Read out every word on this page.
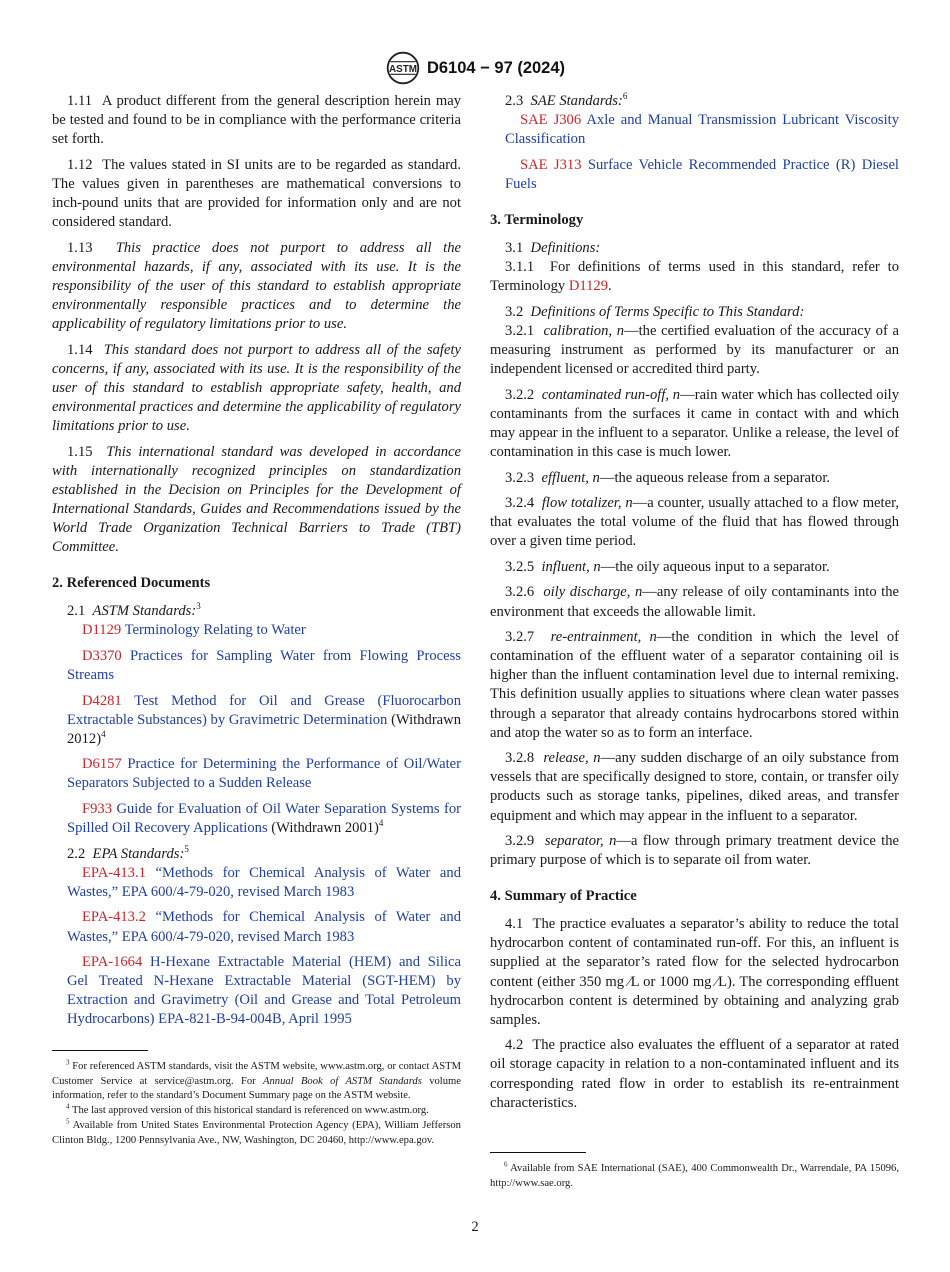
ASTM D6104 − 97 (2024)

1.11 A product different from the general description herein may be tested and found to be in compliance with the performance criteria set forth.

1.12 The values stated in SI units are to be regarded as standard. The values given in parentheses are mathematical conversions to inch-pound units that are provided for information only and are not considered standard.

1.13 This practice does not purport to address all the environmental hazards, if any, associated with its use. It is the responsibility of the user of this standard to establish appropriate environmentally responsible practices and to determine the applicability of regulatory limitations prior to use.

1.14 This standard does not purport to address all of the safety concerns, if any, associated with its use. It is the responsibility of the user of this standard to establish appropriate safety, health, and environmental practices and determine the applicability of regulatory limitations prior to use.

1.15 This international standard was developed in accordance with internationally recognized principles on standardization established in the Decision on Principles for the Development of International Standards, Guides and Recommendations issued by the World Trade Organization Technical Barriers to Trade (TBT) Committee.

2. Referenced Documents

2.1 ASTM Standards:$^3$

D1129 Terminology Relating to Water

D3370 Practices for Sampling Water from Flowing Process Streams

D4281 Test Method for Oil and Grease (Fluorocarbon Extractable Substances) by Gravimetric Determination (Withdrawn 2012)$^4$

D6157 Practice for Determining the Performance of Oil/Water Separators Subjected to a Sudden Release

F933 Guide for Evaluation of Oil Water Separation Systems for Spilled Oil Recovery Applications (Withdrawn 2001)$^4$

2.2 EPA Standards:$^5$

EPA-413.1 “Methods for Chemical Analysis of Water and Wastes,” EPA 600/4-79-020, revised March 1983

EPA-413.2 “Methods for Chemical Analysis of Water and Wastes,” EPA 600/4-79-020, revised March 1983

EPA-1664 H-Hexane Extractable Material (HEM) and Silica Gel Treated N-Hexane Extractable Material (SGT-HEM) by Extraction and Gravimetry (Oil and Grease and Total Petroleum Hydrocarbons) EPA-821-B-94-004B, April 1995

$^3$ For referenced ASTM standards, visit the ASTM website, www.astm.org, or contact ASTM Customer Service at service@astm.org. For Annual Book of ASTM Standards volume information, refer to the standard’s Document Summary page on the ASTM website.

$^4$ The last approved version of this historical standard is referenced on www.astm.org.

$^5$ Available from United States Environmental Protection Agency (EPA), William Jefferson Clinton Bldg., 1200 Pennsylvania Ave., NW, Washington, DC 20460, http://www.epa.gov.

2.3 SAE Standards:$^6$

SAE J306 Axle and Manual Transmission Lubricant Viscosity Classification

SAE J313 Surface Vehicle Recommended Practice (R) Diesel Fuels

3. Terminology

3.1 Definitions:

3.1.1 For definitions of terms used in this standard, refer to Terminology D1129.

3.2 Definitions of Terms Specific to This Standard:

3.2.1 calibration, n—the certified evaluation of the accuracy of a measuring instrument as performed by its manufacturer or an independent licensed or accredited third party.

3.2.2 contaminated run-off, n—rain water which has collected oily contaminants from the surfaces it came in contact with and which may appear in the influent to a separator. Unlike a release, the level of contamination in this case is much lower.

3.2.3 effluent, n—the aqueous release from a separator.

3.2.4 flow totalizer, n—a counter, usually attached to a flow meter, that evaluates the total volume of the fluid that has flowed through over a given time period.

3.2.5 influent, n—the oily aqueous input to a separator.

3.2.6 oily discharge, n—any release of oily contaminants into the environment that exceeds the allowable limit.

3.2.7 re-entrainment, n—the condition in which the level of contamination of the effluent water of a separator containing oil is higher than the influent contamination level due to internal remixing. This definition usually applies to situations where clean water passes through a separator that already contains hydrocarbons stored within and atop the water so as to form an interface.

3.2.8 release, n—any sudden discharge of an oily substance from vessels that are specifically designed to store, contain, or transfer oily products such as storage tanks, pipelines, diked areas, and transfer equipment and which may appear in the influent to a separator.

3.2.9 separator, n—a flow through primary treatment device the primary purpose of which is to separate oil from water.

4. Summary of Practice

4.1 The practice evaluates a separator’s ability to reduce the total hydrocarbon content of contaminated run-off. For this, an influent is supplied at the separator’s rated flow for the selected hydrocarbon content (either 350 mg ⁄L or 1000 mg ⁄L). The corresponding effluent hydrocarbon content is determined by obtaining and analyzing grab samples.

4.2 The practice also evaluates the effluent of a separator at rated oil storage capacity in relation to a non-contaminated influent and its corresponding rated flow in order to establish its re-entrainment characteristics.

$^6$ Available from SAE International (SAE), 400 Commonwealth Dr., Warrendale, PA 15096, http://www.sae.org.

2
